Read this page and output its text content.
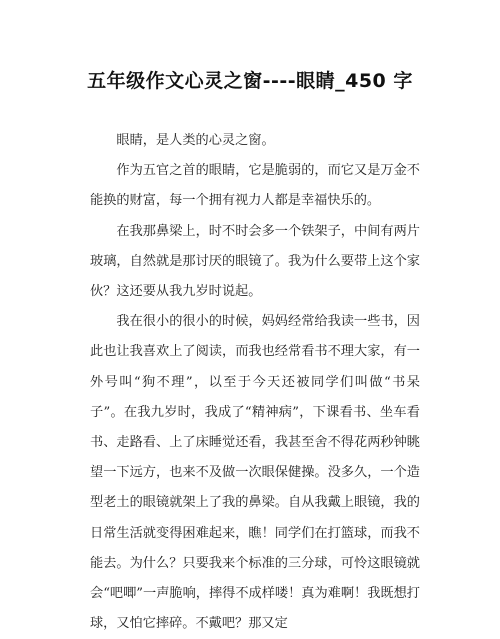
五年级作文心灵之窗----眼睛_450 字

眼睛，是人类的心灵之窗。

作为五官之首的眼睛，它是脆弱的，而它又是万金不能换的财富，每一个拥有视力人都是幸福快乐的。

在我那鼻梁上，时不时会多一个铁架子，中间有两片玻璃，自然就是那讨厌的眼镜了。我为什么要带上这个家伙？这还要从我九岁时说起。

我在很小的很小的时候，妈妈经常给我读一些书，因此也让我喜欢上了阅读，而我也经常看书不理大家，有一外号叫“狗不理”，以至于今天还被同学们叫做“书呆子”。在我九岁时，我成了“精神病”，下课看书、坐车看书、走路看、上了床睡觉还看，我甚至舍不得花两秒钟眺望一下远方，也来不及做一次眼保健操。没多久，一个造型老土的眼镜就架上了我的鼻梁。自从我戴上眼镜，我的日常生活就变得困难起来，瞧！同学们在打篮球，而我不能去。为什么？只要我来个标准的三分球，可怜这眼镜就会“吧唧”一声脆响，摔得不成样喽！真为难啊！我既想打球，又怕它摔碎。不戴吧？那又定
